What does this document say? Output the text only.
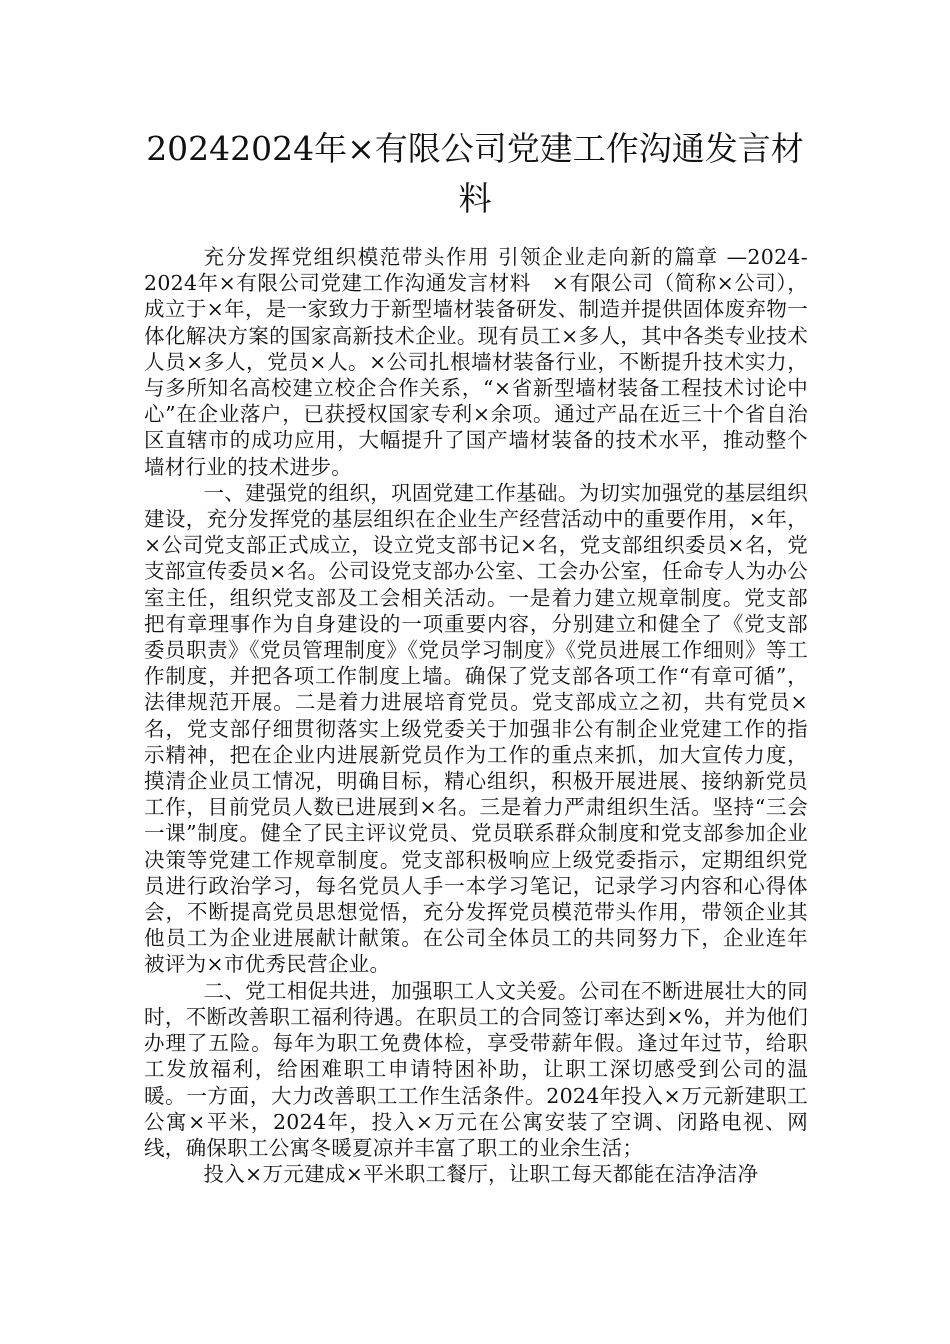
20242024年×有限公司党建工作沟通发言材料

充分发挥党组织模范带头作用 引领企业走向新的篇章 —2024-2024年×有限公司党建工作沟通发言材料　×有限公司（简称×公司），成立于×年，是一家致力于新型墙材装备研发、制造并提供固体废弃物一体化解决方案的国家高新技术企业。现有员工×多人，其中各类专业技术人员×多人，党员×人。×公司扎根墙材装备行业，不断提升技术实力，与多所知名高校建立校企合作关系，“×省新型墙材装备工程技术讨论中心”在企业落户，已获授权国家专利×余项。通过产品在近三十个省自治区直辖市的成功应用，大幅提升了国产墙材装备的技术水平，推动整个墙材行业的技术进步。

一、建强党的组织，巩固党建工作基础。为切实加强党的基层组织建设，充分发挥党的基层组织在企业生产经营活动中的重要作用，×年，×公司党支部正式成立，设立党支部书记×名，党支部组织委员×名，党支部宣传委员×名。公司设党支部办公室、工会办公室，任命专人为办公室主任，组织党支部及工会相关活动。一是着力建立规章制度。党支部把有章理事作为自身建设的一项重要内容，分别建立和健全了《党支部委员职责》《党员管理制度》《党员学习制度》《党员进展工作细则》等工作制度，并把各项工作制度上墙。确保了党支部各项工作“有章可循”，法律规范开展。二是着力进展培育党员。党支部成立之初，共有党员×名，党支部仔细贯彻落实上级党委关于加强非公有制企业党建工作的指示精神，把在企业内进展新党员作为工作的重点来抓，加大宣传力度，摸清企业员工情况，明确目标，精心组织，积极开展进展、接纳新党员工作，目前党员人数已进展到×名。三是着力严肃组织生活。坚持“三会一课”制度。健全了民主评议党员、党员联系群众制度和党支部参加企业决策等党建工作规章制度。党支部积极响应上级党委指示，定期组织党员进行政治学习，每名党员人手一本学习笔记，记录学习内容和心得体会，不断提高党员思想觉悟，充分发挥党员模范带头作用，带领企业其他员工为企业进展献计献策。在公司全体员工的共同努力下，企业连年被评为×市优秀民营企业。

二、党工相促共进，加强职工人文关爱。公司在不断进展壮大的同时，不断改善职工福利待遇。在职员工的合同签订率达到×%，并为他们办理了五险。每年为职工免费体检，享受带薪年假。逢过年过节，给职工发放福利，给困难职工申请特困补助，让职工深切感受到公司的温暖。一方面，大力改善职工工作生活条件。2024年投入×万元新建职工公寓×平米，2024年，投入×万元在公寓安装了空调、闭路电视、网线，确保职工公寓冬暖夏凉并丰富了职工的业余生活；

投入×万元建成×平米职工餐厅，让职工每天都能在洁净洁净
